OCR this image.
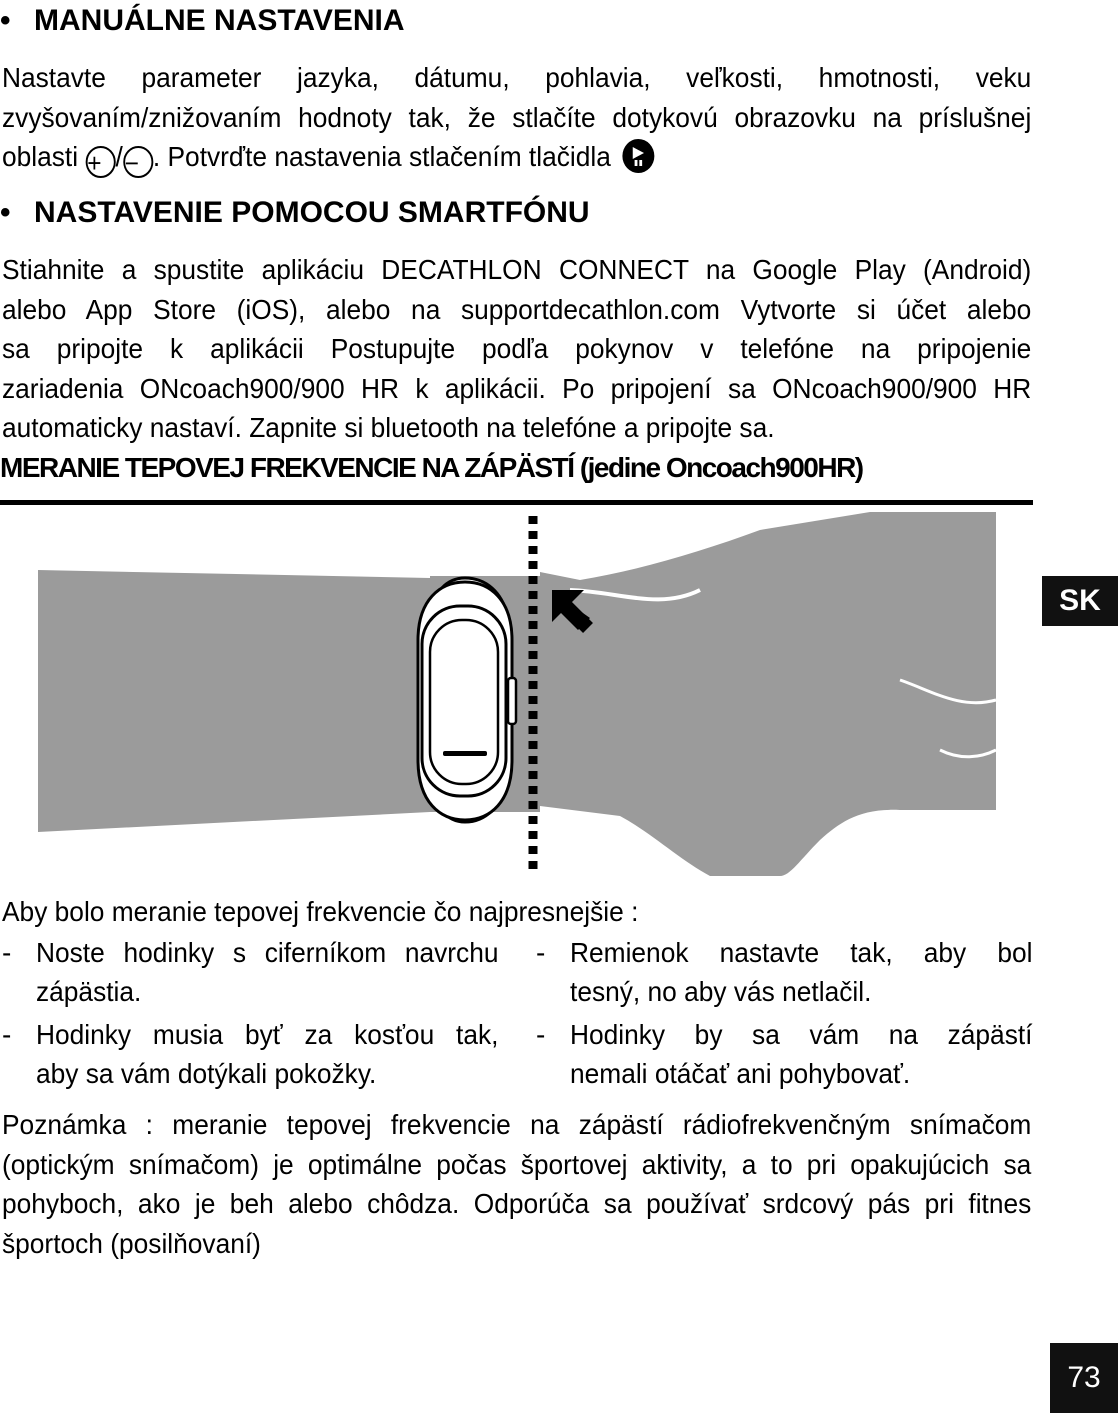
• MANUÁLNE NASTAVENIA
Nastavte parameter jazyka, dátumu, pohlavia, veľkosti, hmotnosti, veku
zvyšovaním/znižovaním hodnoty tak, že stlačíte dotykovú obrazovku na príslušnej
oblasti + /− . Potvrďte nastavenia stlačením tlačidla
• NASTAVENIE POMOCOU SMARTFÓNU
Stiahnite a spustite aplikáciu DECATHLON CONNECT na Google Play (Android)
alebo App Store (iOS), alebo na supportdecathlon.com Vytvorte si účet alebo
sa pripojte k aplikácii Postupujte podľa pokynov v telefóne na pripojenie
zariadenia ONcoach900/900 HR k aplikácii. Po pripojení sa ONcoach900/900 HR
automaticky nastaví. Zapnite si bluetooth na telefóne a pripojte sa.
MERANIE TEPOVEJ FREKVENCIE NA ZÁPÄSTÍ (jedine Oncoach900HR)
Aby bolo meranie tepovej frekvencie čo najpresnejšie :
- Noste hodinky s ciferníkom navrchu
zápästia.
- Hodinky musia byť za kosťou tak,
aby sa vám dotýkali pokožky.
- Remienok nastavte tak, aby bol
tesný, no aby vás netlačil.
- Hodinky by sa vám na zápästí
nemali otáčať ani pohybovať.
Poznámka : meranie tepovej frekvencie na zápästí rádiofrekvenčným snímačom
(optickým snímačom) je optimálne počas športovej aktivity, a to pri opakujúcich sa
pohyboch, ako je beh alebo chôdza. Odporúča sa používať srdcový pás pri fitnes
športoch (posilňovaní)
SK
73
